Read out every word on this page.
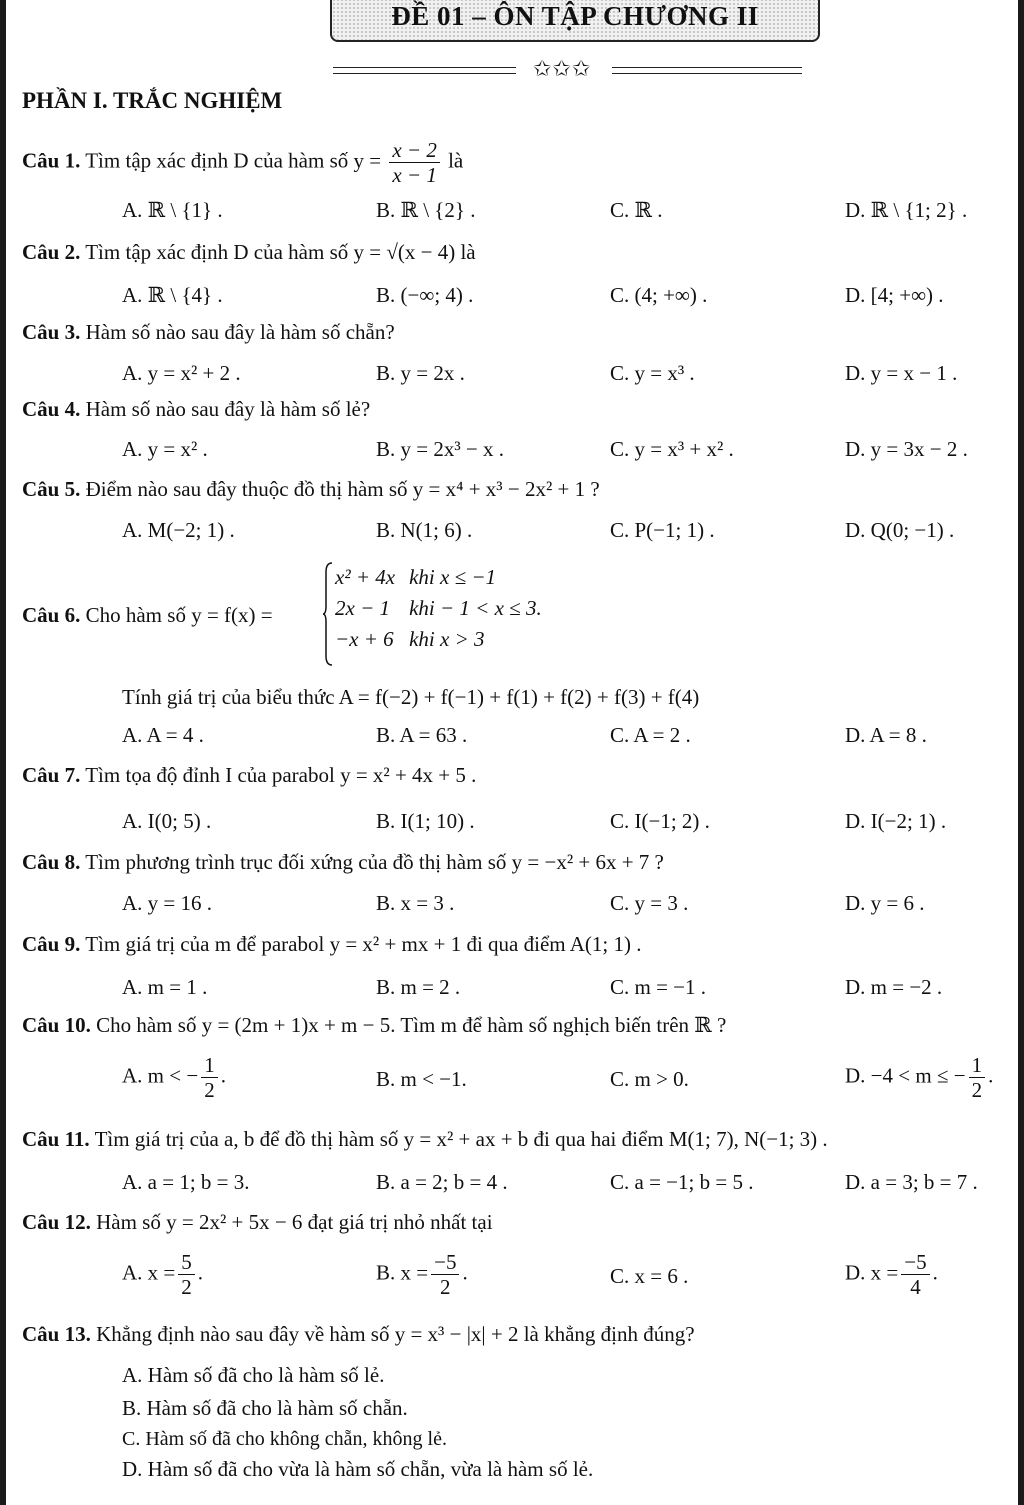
ĐỀ 01 – ÔN TẬP CHƯƠNG II
✩✩✩
PHẦN I. TRẮC NGHIỆM
Câu 1. Tìm tập xác định D của hàm số $y = \frac{x - 2}{x - 1}$ là
A. ℝ \ {1} .	B. ℝ \ {2} .	C. ℝ .	D. ℝ \ {1; 2} .
Câu 2. Tìm tập xác định D của hàm số y = √(x − 4) là
A. ℝ \ {4} .	B. (−∞; 4) .	C. (4; +∞) .	D. [4; +∞) .
Câu 3. Hàm số nào sau đây là hàm số chẵn?
A. y = x² + 2 .	B. y = 2x .	C. y = x³ .	D. y = x − 1 .
Câu 4. Hàm số nào sau đây là hàm số lẻ?
A. y = x² .	B. y = 2x³ − x .	C. y = x³ + x² .	D. y = 3x − 2 .
Câu 5. Điểm nào sau đây thuộc đồ thị hàm số y = x⁴ + x³ − 2x² + 1 ?
A. M(−2; 1) .	B. N(1; 6) .	C. P(−1; 1) .	D. Q(0; −1) .
Câu 6. Cho hàm số y = f(x) =
x² + 4x	khi x ≤ −1
2x − 1	khi − 1 < x ≤ 3.
−x + 6	khi x > 3
Tính giá trị của biểu thức A = f(−2) + f(−1) + f(1) + f(2) + f(3) + f(4)
A. A = 4 .	B. A = 63 .	C. A = 2 .	D. A = 8 .
Câu 7. Tìm tọa độ đỉnh I của parabol y = x² + 4x + 5 .
A. I(0; 5) .	B. I(1; 10) .	C. I(−1; 2) .	D. I(−2; 1) .
Câu 8. Tìm phương trình trục đối xứng của đồ thị hàm số y = −x² + 6x + 7 ?
A. y = 16 .	B. x = 3 .	C. y = 3 .	D. y = 6 .
Câu 9. Tìm giá trị của m để parabol y = x² + mx + 1 đi qua điểm A(1; 1) .
A. m = 1 .	B. m = 2 .	C. m = −1 .	D. m = −2 .
Câu 10. Cho hàm số y = (2m + 1)x + m − 5. Tìm m để hàm số nghịch biến trên ℝ ?
A. m < − $\frac{1}{2}$ .	B. m < −1.	C. m > 0.	D. −4 < m ≤ − $\frac{1}{2}$ .
Câu 11. Tìm giá trị của a, b để đồ thị hàm số y = x² + ax + b đi qua hai điểm M(1; 7), N(−1; 3) .
A. a = 1; b = 3.	B. a = 2; b = 4 .	C. a = −1; b = 5 .	D. a = 3; b = 7 .
Câu 12. Hàm số y = 2x² + 5x − 6 đạt giá trị nhỏ nhất tại
A. $x = \frac{5}{2}$ .	B. $x = \frac{-5}{2}$ .	C. x = 6 .	D. $x = \frac{-5}{4}$ .
Câu 13. Khẳng định nào sau đây về hàm số y = x³ − |x| + 2 là khẳng định đúng?
A. Hàm số đã cho là hàm số lẻ.
B. Hàm số đã cho là hàm số chẵn.
C. Hàm số đã cho không chẵn, không lẻ.
D. Hàm số đã cho vừa là hàm số chẵn, vừa là hàm số lẻ.
